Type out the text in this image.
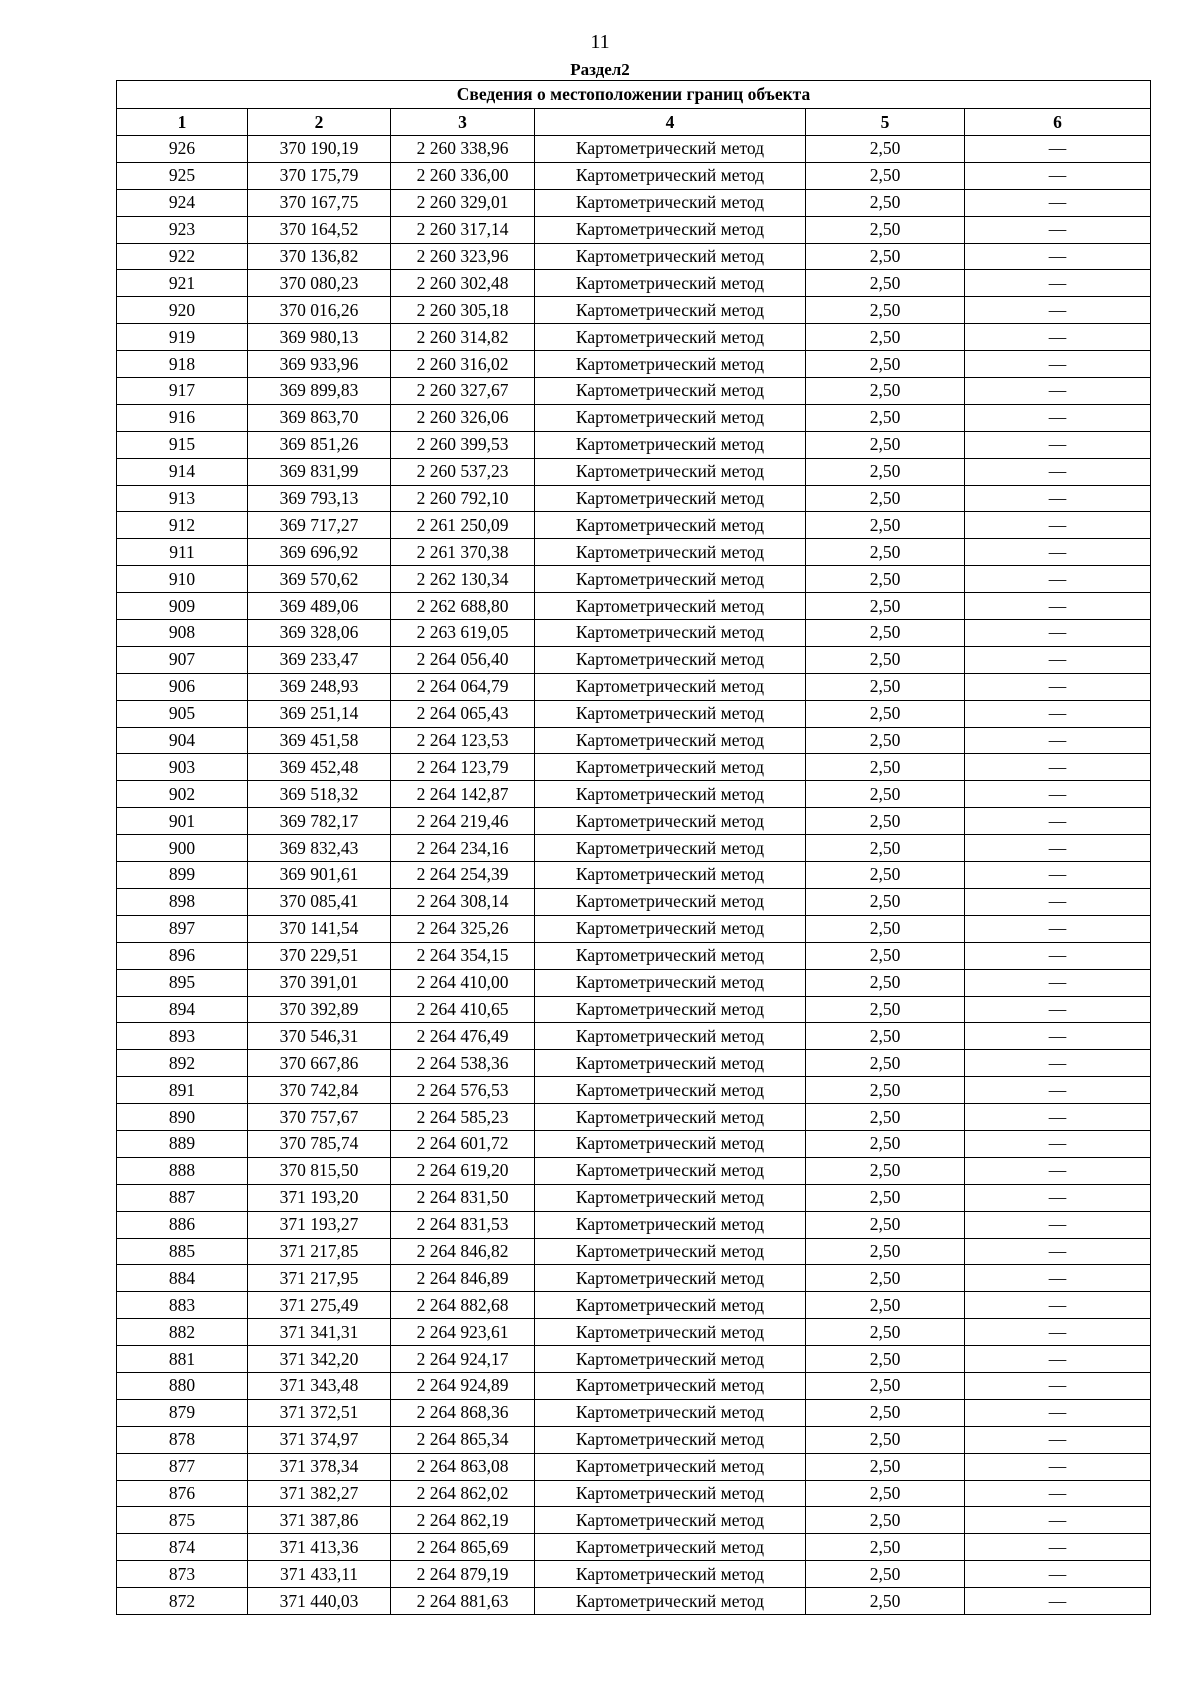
11
Раздел2
Сведения о местоположении границ объекта					
1	2	3	4	5	6
926	370 190,19	2 260 338,96	Картометрический метод	2,50	—
925	370 175,79	2 260 336,00	Картометрический метод	2,50	—
924	370 167,75	2 260 329,01	Картометрический метод	2,50	—
923	370 164,52	2 260 317,14	Картометрический метод	2,50	—
922	370 136,82	2 260 323,96	Картометрический метод	2,50	—
921	370 080,23	2 260 302,48	Картометрический метод	2,50	—
920	370 016,26	2 260 305,18	Картометрический метод	2,50	—
919	369 980,13	2 260 314,82	Картометрический метод	2,50	—
918	369 933,96	2 260 316,02	Картометрический метод	2,50	—
917	369 899,83	2 260 327,67	Картометрический метод	2,50	—
916	369 863,70	2 260 326,06	Картометрический метод	2,50	—
915	369 851,26	2 260 399,53	Картометрический метод	2,50	—
914	369 831,99	2 260 537,23	Картометрический метод	2,50	—
913	369 793,13	2 260 792,10	Картометрический метод	2,50	—
912	369 717,27	2 261 250,09	Картометрический метод	2,50	—
911	369 696,92	2 261 370,38	Картометрический метод	2,50	—
910	369 570,62	2 262 130,34	Картометрический метод	2,50	—
909	369 489,06	2 262 688,80	Картометрический метод	2,50	—
908	369 328,06	2 263 619,05	Картометрический метод	2,50	—
907	369 233,47	2 264 056,40	Картометрический метод	2,50	—
906	369 248,93	2 264 064,79	Картометрический метод	2,50	—
905	369 251,14	2 264 065,43	Картометрический метод	2,50	—
904	369 451,58	2 264 123,53	Картометрический метод	2,50	—
903	369 452,48	2 264 123,79	Картометрический метод	2,50	—
902	369 518,32	2 264 142,87	Картометрический метод	2,50	—
901	369 782,17	2 264 219,46	Картометрический метод	2,50	—
900	369 832,43	2 264 234,16	Картометрический метод	2,50	—
899	369 901,61	2 264 254,39	Картометрический метод	2,50	—
898	370 085,41	2 264 308,14	Картометрический метод	2,50	—
897	370 141,54	2 264 325,26	Картометрический метод	2,50	—
896	370 229,51	2 264 354,15	Картометрический метод	2,50	—
895	370 391,01	2 264 410,00	Картометрический метод	2,50	—
894	370 392,89	2 264 410,65	Картометрический метод	2,50	—
893	370 546,31	2 264 476,49	Картометрический метод	2,50	—
892	370 667,86	2 264 538,36	Картометрический метод	2,50	—
891	370 742,84	2 264 576,53	Картометрический метод	2,50	—
890	370 757,67	2 264 585,23	Картометрический метод	2,50	—
889	370 785,74	2 264 601,72	Картометрический метод	2,50	—
888	370 815,50	2 264 619,20	Картометрический метод	2,50	—
887	371 193,20	2 264 831,50	Картометрический метод	2,50	—
886	371 193,27	2 264 831,53	Картометрический метод	2,50	—
885	371 217,85	2 264 846,82	Картометрический метод	2,50	—
884	371 217,95	2 264 846,89	Картометрический метод	2,50	—
883	371 275,49	2 264 882,68	Картометрический метод	2,50	—
882	371 341,31	2 264 923,61	Картометрический метод	2,50	—
881	371 342,20	2 264 924,17	Картометрический метод	2,50	—
880	371 343,48	2 264 924,89	Картометрический метод	2,50	—
879	371 372,51	2 264 868,36	Картометрический метод	2,50	—
878	371 374,97	2 264 865,34	Картометрический метод	2,50	—
877	371 378,34	2 264 863,08	Картометрический метод	2,50	—
876	371 382,27	2 264 862,02	Картометрический метод	2,50	—
875	371 387,86	2 264 862,19	Картометрический метод	2,50	—
874	371 413,36	2 264 865,69	Картометрический метод	2,50	—
873	371 433,11	2 264 879,19	Картометрический метод	2,50	—
872	371 440,03	2 264 881,63	Картометрический метод	2,50	—
